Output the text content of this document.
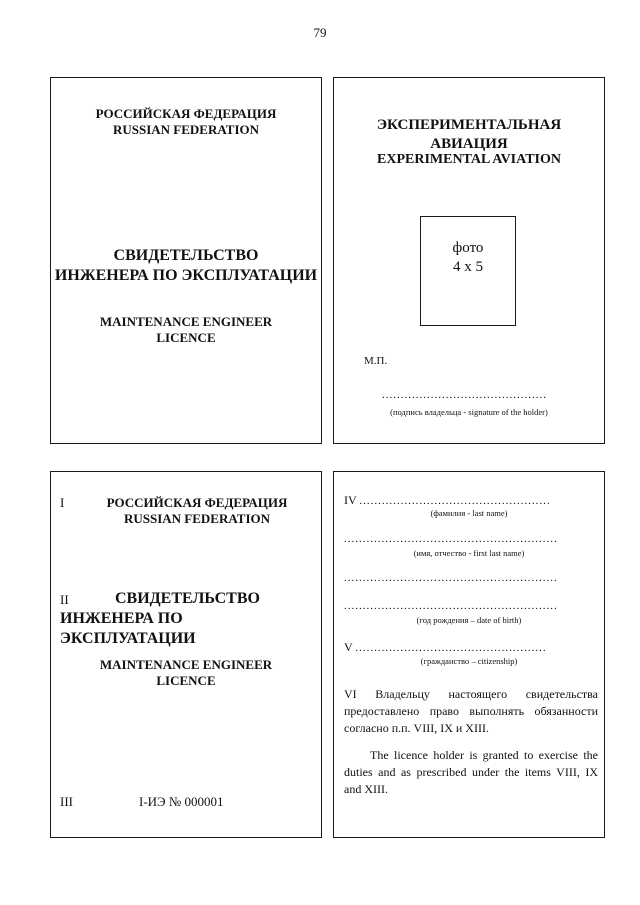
79
РОССИЙСКАЯ ФЕДЕРАЦИЯ
RUSSIAN FEDERATION
СВИДЕТЕЛЬСТВО
ИНЖЕНЕРА ПО ЭКСПЛУАТАЦИИ
MAINTENANCE ENGINEER
LICENCE
ЭКСПЕРИМЕНТАЛЬНАЯ
АВИАЦИЯ
EXPERIMENTAL AVIATION
фото
4 x 5
М.П.
............................................
(подпись владельца - signature of the holder)
I	РОССИЙСКАЯ ФЕДЕРАЦИЯ
RUSSIAN FEDERATION
II	СВИДЕТЕЛЬСТВО
ИНЖЕНЕРА ПО ЭКСПЛУАТАЦИИ
MAINTENANCE ENGINEER
LICENCE
III	I-ИЭ № 000001
IV ...................................................
(фамилия - last name)
.........................................................
(имя, отчество - first last name)
.........................................................
.........................................................
(год рождения – date of birth)
V ...................................................
(гражданство – citizenship)
VI Владельцу настоящего свидетельства предоставлено право выполнять обязанности согласно п.п. VIII, IX и XIII.
The licence holder is granted to exercise the duties and as prescribed under the items VIII, IX and XIII.
